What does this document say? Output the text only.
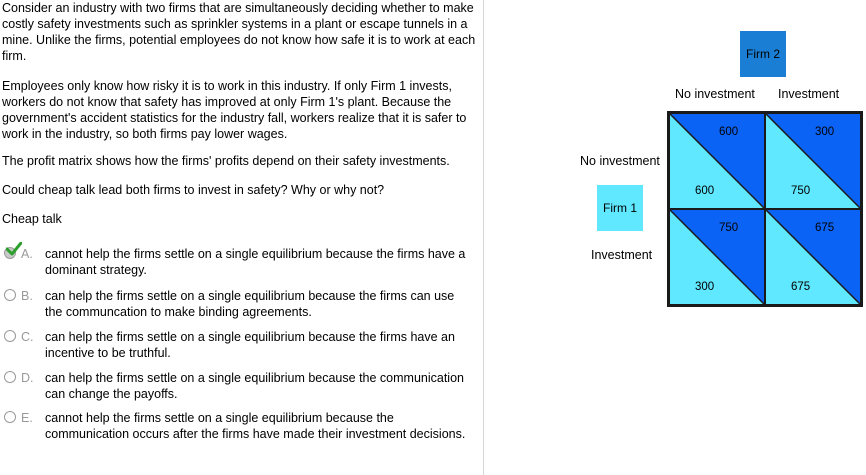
Consider an industry with two firms that are simultaneously deciding whether to make costly safety investments such as sprinkler systems in a plant or escape tunnels in a mine. Unlike the firms, potential employees do not know how safe it is to work at each firm.

Employees only know how risky it is to work in this industry. If only Firm 1 invests, workers do not know that safety has improved at only Firm 1's plant. Because the government's accident statistics for the industry fall, workers realize that it is safer to work in the industry, so both firms pay lower wages.

The profit matrix shows how the firms' profits depend on their safety investments.

Could cheap talk lead both firms to invest in safety? Why or why not?

Cheap talk

A. cannot help the firms settle on a single equilibrium because the firms have a dominant strategy.
B. can help the firms settle on a single equilibrium because the firms can use the communcation to make binding agreements.
C. can help the firms settle on a single equilibrium because the firms have an incentive to be truthful.
D. can help the firms settle on a single equilibrium because the communication can change the payoffs.
E. cannot help the firms settle on a single equilibrium because the communication occurs after the firms have made their investment decisions.
Firm 2
No investment Investment
Firm 1
No investment
Investment
600
600
300
750
750
300
675
675
